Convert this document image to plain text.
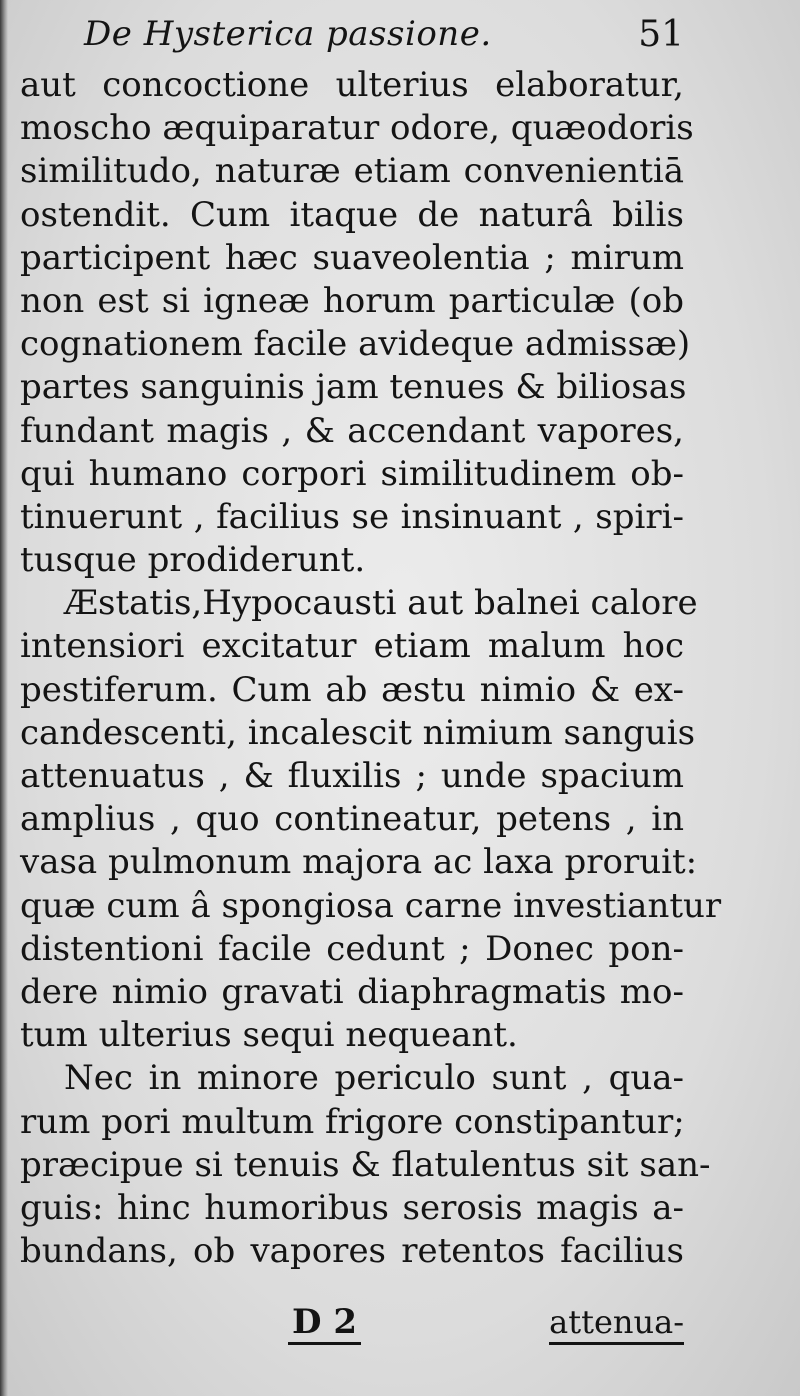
De Hysterica passione.	51
aut concoctione ulterius elaboratur,
moscho æquiparatur odore, quæodoris
similitudo, naturæ etiam convenientiā
ostendit. Cum itaque de naturâ bilis
participent hæc suaveolentia ; mirum
non est si igneæ horum particulæ (ob
cognationem facile avideque admissæ)
partes sanguinis jam tenues & biliosas
fundant magis , & accendant vapores,
qui humano corpori similitudinem ob-
tinuerunt , facilius se insinuant , spiri-
tusque prodiderunt.
Æstatis,Hypocausti aut balnei calore
intensiori excitatur etiam malum hoc
pestiferum. Cum ab æstu nimio & ex-
candescenti, incalescit nimium sanguis
attenuatus , & fluxilis ; unde spacium
amplius , quo contineatur, petens , in
vasa pulmonum majora ac laxa proruit:
quæ cum â spongiosa carne investiantur
distentioni facile cedunt ; Donec pon-
dere nimio gravati diaphragmatis mo-
tum ulterius sequi nequeant.
Nec in minore periculo sunt , qua-
rum pori multum frigore constipantur;
præcipue si tenuis & flatulentus sit san-
guis: hinc humoribus serosis magis a-
bundans, ob vapores retentos facilius
D 2	attenua-
